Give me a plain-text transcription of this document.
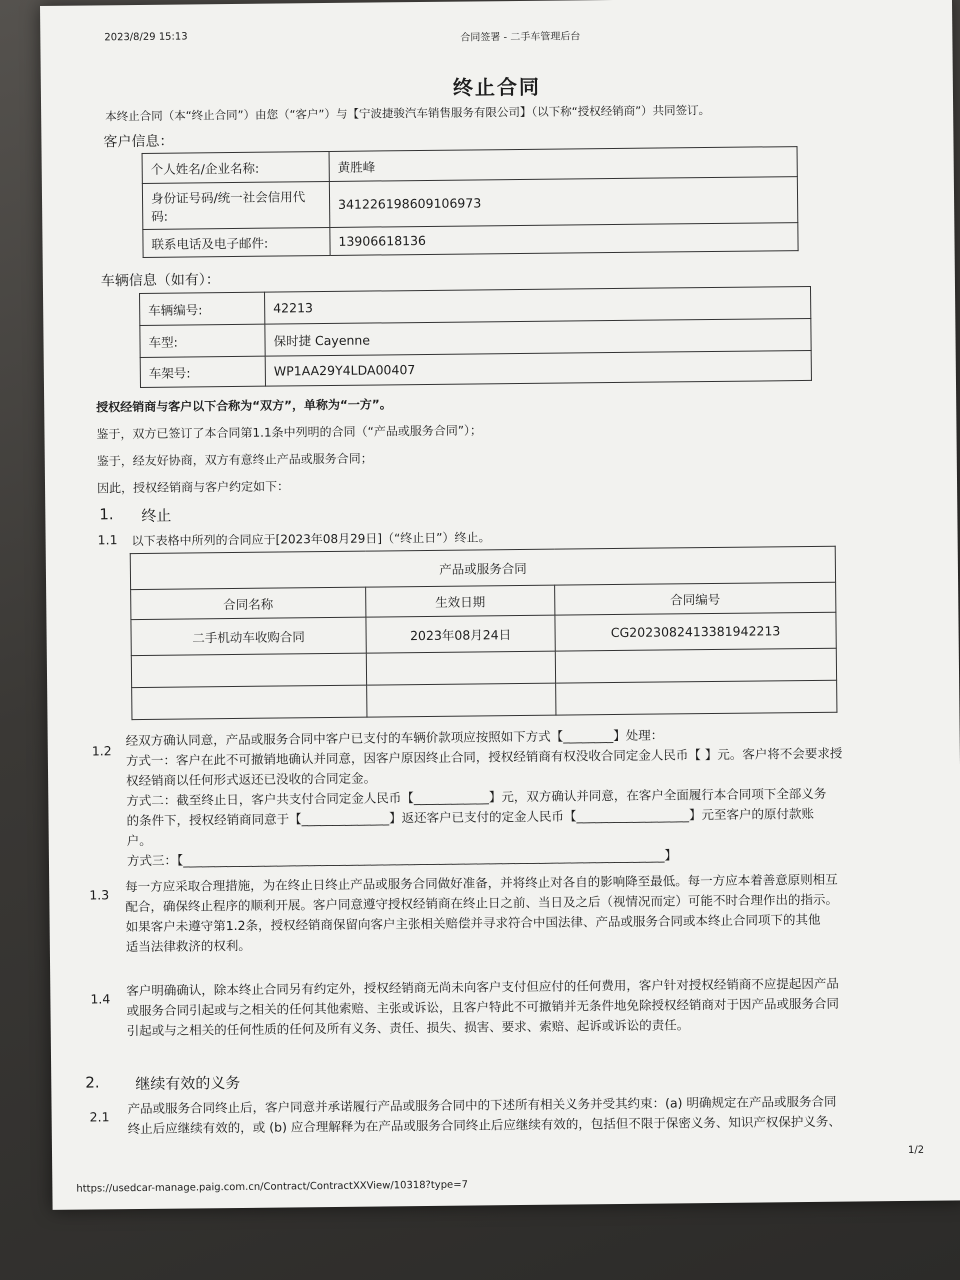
2023/8/29 15:13	合同签署 - 二手车管理后台
终止合同
本终止合同（本“终止合同”）由您（“客户”）与【宁波捷骏汽车销售服务有限公司】（以下称“授权经销商”）共同签订。
客户信息：
个人姓名/企业名称:	黄胜峰
身份证号码/统一社会信用代码:	341226198609106973
联系电话及电子邮件:	13906618136
车辆信息（如有）：
车辆编号:	42213
车型:	保时捷 Cayenne
车架号:	WP1AA29Y4LDA00407
授权经销商与客户以下合称为“双方”，单称为“一方”。
鉴于，双方已签订了本合同第1.1条中列明的合同（“产品或服务合同”）；
鉴于，经友好协商，双方有意终止产品或服务合同；
因此，授权经销商与客户约定如下：
1. 终止
1.1 以下表格中所列的合同应于[2023年08月29日]（“终止日”）终止。
产品或服务合同		
合同名称	生效日期	合同编号
二手机动车收购合同	2023年08月24日	CG2023082413381942213

1.2
经双方确认同意，产品或服务合同中客户已支付的车辆价款项应按照如下方式【________】处理：
方式一：客户在此不可撤销地确认并同意，因客户原因终止合同，授权经销商有权没收合同定金人民币【 】元。客户将不会要求授
权经销商以任何形式返还已没收的合同定金。
方式二：截至终止日，客户共支付合同定金人民币【____________】元，双方确认并同意，在客户全面履行本合同项下全部义务
的条件下，授权经销商同意于【______________】返还客户已支付的定金人民币【__________________】元至客户的原付款账
户。
方式三：【_____________________________________________________________________________】
1.3
每一方应采取合理措施，为在终止日终止产品或服务合同做好准备，并将终止对各自的影响降至最低。每一方应本着善意原则相互
配合，确保终止程序的顺利开展。客户同意遵守授权经销商在终止日之前、当日及之后（视情况而定）可能不时合理作出的指示。
如果客户未遵守第1.2条，授权经销商保留向客户主张相关赔偿并寻求符合中国法律、产品或服务合同或本终止合同项下的其他
适当法律救济的权利。
1.4
客户明确确认，除本终止合同另有约定外，授权经销商无尚未向客户支付但应付的任何费用，客户针对授权经销商不应提起因产品
或服务合同引起或与之相关的任何其他索赔、主张或诉讼，且客户特此不可撤销并无条件地免除授权经销商对于因产品或服务合同
引起或与之相关的任何性质的任何及所有义务、责任、损失、损害、要求、索赔、起诉或诉讼的责任。
2. 继续有效的义务
2.1
产品或服务合同终止后，客户同意并承诺履行产品或服务合同中的下述所有相关义务并受其约束：(a) 明确规定在产品或服务合同
终止后应继续有效的，或 (b) 应合理解释为在产品或服务合同终止后应继续有效的，包括但不限于保密义务、知识产权保护义务、
1/2
https://usedcar-manage.paig.com.cn/Contract/ContractXXView/10318?type=7
